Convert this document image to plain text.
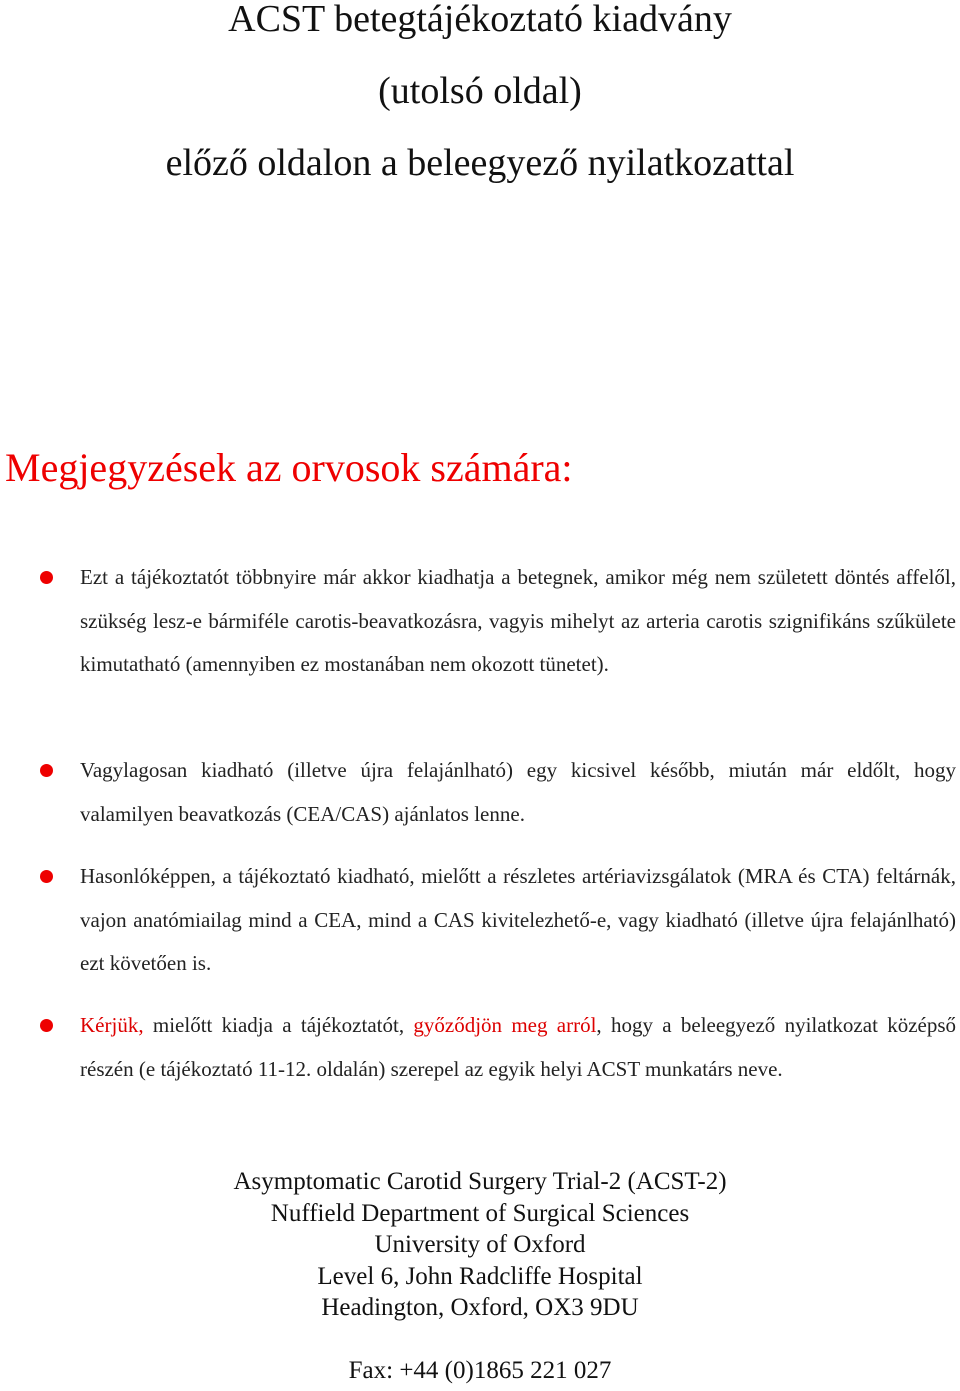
ACST betegtájékoztató kiadvány
(utolsó oldal)
előző oldalon a beleegyező nyilatkozattal
Megjegyzések az orvosok számára:
Ezt a tájékoztatót többnyire már akkor kiadhatja a betegnek, amikor még nem született döntés affelől, szükség lesz-e bármiféle carotis-beavatkozásra, vagyis mihelyt az arteria carotis szignifikáns szűkülete kimutatható (amennyiben ez mostanában nem okozott tünetet).
Vagylagosan kiadható (illetve újra felajánlható) egy kicsivel később, miután már eldőlt, hogy valamilyen beavatkozás (CEA/CAS) ajánlatos lenne.
Hasonlóképpen, a tájékoztató kiadható, mielőtt a részletes artériavizsgálatok (MRA és CTA) feltárnák, vajon anatómiailag mind a CEA, mind a CAS kivitelezhető-e, vagy kiadható (illetve újra felajánlható) ezt követően is.
Kérjük, mielőtt kiadja a tájékoztatót, győződjön meg arról, hogy a beleegyező nyilatkozat középső részén (e tájékoztató 11-12. oldalán) szerepel az egyik helyi ACST munkatárs neve.
Asymptomatic Carotid Surgery Trial-2 (ACST-2)
Nuffield Department of Surgical Sciences
University of Oxford
Level 6, John Radcliffe Hospital
Headington, Oxford, OX3 9DU
Fax: +44 (0)1865 221 027
